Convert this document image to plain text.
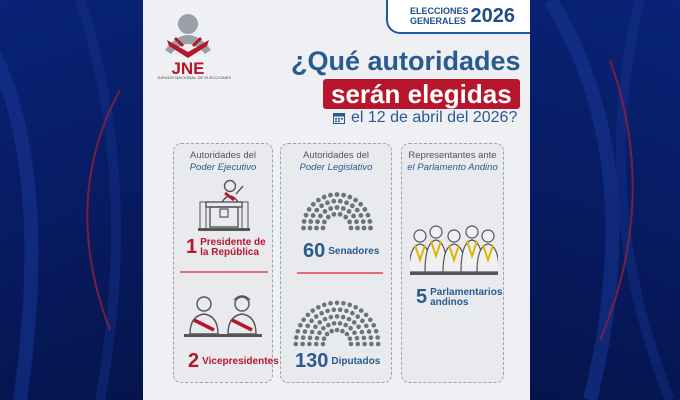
JNE
JURADO NACIONAL DE ELECCIONES
ELECCIONES
GENERALES 2026
¿Qué autoridades
serán elegidas
el 12 de abril del 2026?
Autoridades del
Poder Ejecutivo
1 Presidente de
la República
2 Vicepresidentes
Autoridades del
Poder Legislativo
60 Senadores
130 Diputados
Representantes ante
el Parlamento Andino
5 Parlamentarios
andinos
